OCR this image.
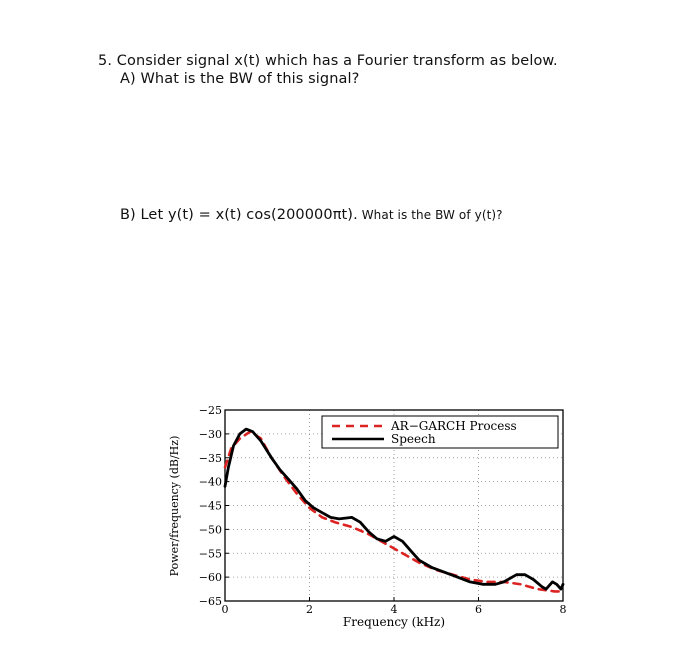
5. Consider signal x(t) which has a Fourier transform as below.
A) What is the BW of this signal?
B) Let y(t) = x(t) cos(200000πt). What is the BW of y(t)?
0	2	4	6	8
−25
−30
−35
−40
−45
−50
−55
−60
−65
AR−GARCH Process
Speech
Frequency (kHz)
Power/frequency (dB/Hz)
